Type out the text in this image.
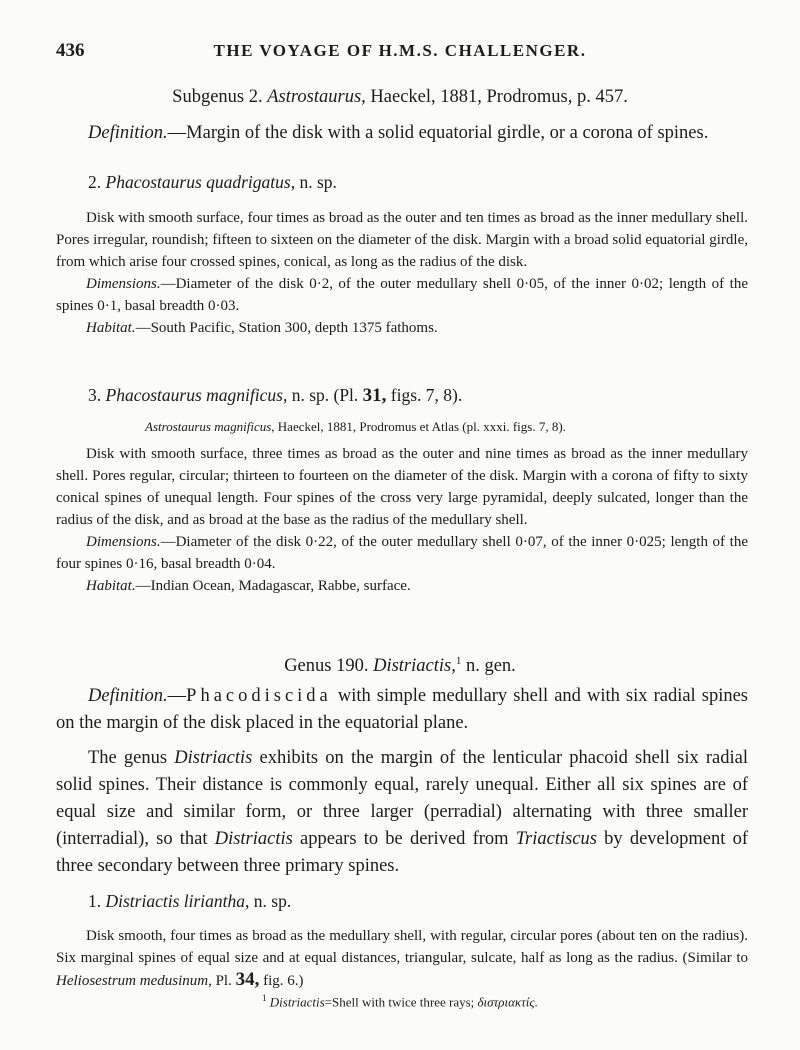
436	THE VOYAGE OF H.M.S. CHALLENGER.
Subgenus 2. Astrostaurus, Haeckel, 1881, Prodromus, p. 457.
Definition.—Margin of the disk with a solid equatorial girdle, or a corona of spines.
2. Phacostaurus quadrigatus, n. sp.

Disk with smooth surface, four times as broad as the outer and ten times as broad as the inner medullary shell. Pores irregular, roundish; fifteen to sixteen on the diameter of the disk. Margin with a broad solid equatorial girdle, from which arise four crossed spines, conical, as long as the radius of the disk.

Dimensions.—Diameter of the disk 0·2, of the outer medullary shell 0·05, of the inner 0·02; length of the spines 0·1, basal breadth 0·03.

Habitat.—South Pacific, Station 300, depth 1375 fathoms.

3. Phacostaurus magnificus, n. sp. (Pl. 31, figs. 7, 8).
Astrostaurus magnificus, Haeckel, 1881, Prodromus et Atlas (pl. xxxi. figs. 7, 8).

Disk with smooth surface, three times as broad as the outer and nine times as broad as the inner medullary shell. Pores regular, circular; thirteen to fourteen on the diameter of the disk. Margin with a corona of fifty to sixty conical spines of unequal length. Four spines of the cross very large pyramidal, deeply sulcated, longer than the radius of the disk, and as broad at the base as the radius of the medullary shell.

Dimensions.—Diameter of the disk 0·22, of the outer medullary shell 0·07, of the inner 0·025; length of the four spines 0·16, basal breadth 0·04.

Habitat.—Indian Ocean, Madagascar, Rabbe, surface.

Genus 190. Distriactis,$^1$ n. gen.

Definition.—Phacodiscida with simple medullary shell and with six radial spines on the margin of the disk placed in the equatorial plane.

The genus Distriactis exhibits on the margin of the lenticular phacoid shell six radial solid spines. Their distance is commonly equal, rarely unequal. Either all six spines are of equal size and similar form, or three larger (perradial) alternating with three smaller (interradial), so that Distriactis appears to be derived from Triactiscus by development of three secondary between three primary spines.

1. Distriactis liriantha, n. sp.

Disk smooth, four times as broad as the medullary shell, with regular, circular pores (about ten on the radius). Six marginal spines of equal size and at equal distances, triangular, sulcate, half as long as the radius. (Similar to Heliosestrum medusinum, Pl. 34, fig. 6.)

$^1$ Distriactis=Shell with twice three rays; διστριακτίς.
